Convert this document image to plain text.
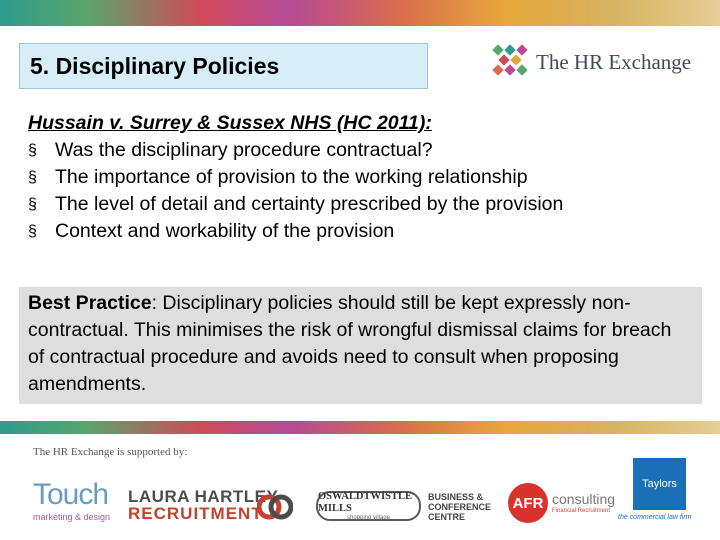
5. Disciplinary Policies	The HR Exchange
Hussain v. Surrey & Sussex NHS (HC 2011):
§ Was the disciplinary procedure contractual?
§ The importance of provision to the working relationship
§ The level of detail and certainty prescribed by the provision
§ Context and workability of the provision
Best Practice: Disciplinary policies should still be kept expressly non-contractual. This minimises the risk of wrongful dismissal claims for breach of contractual procedure and avoids need to consult when proposing amendments.
The HR Exchange is supported by:
Touch
marketing & design
LAURA HARTLEY
RECRUITMENT
OSWALDTWISTLE MILLS
shopping village
BUSINESS &
CONFERENCE
CENTRE
AFR consulting
Financial Recruitment
Taylors
the commercial law firm
